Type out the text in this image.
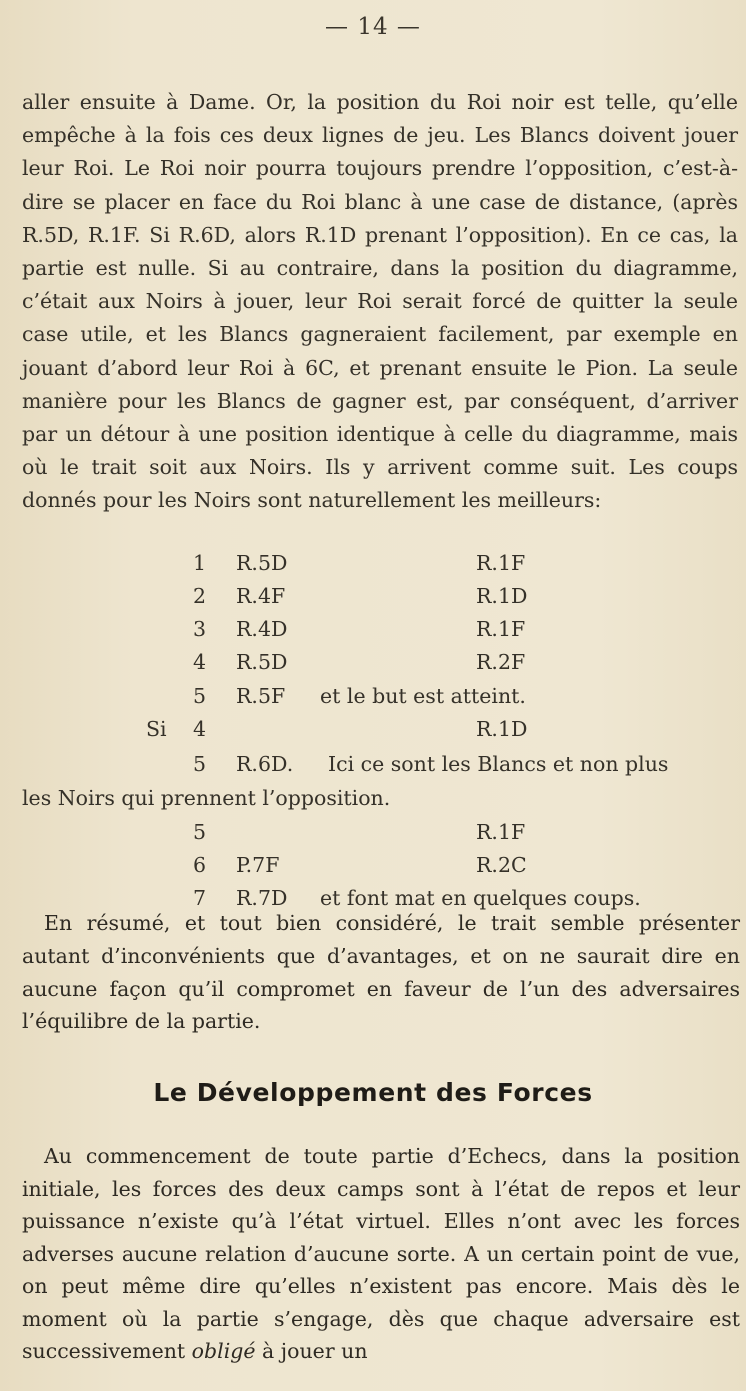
— 14 —

aller ensuite à Dame. Or, la position du Roi noir est telle, qu’elle empêche à la fois ces deux lignes de jeu. Les Blancs doivent jouer leur Roi. Le Roi noir pourra toujours prendre l’opposition, c’est-à-dire se placer en face du Roi blanc à une case de distance, (après R.5D, R.1F. Si R.6D, alors R.1D prenant l’opposition). En ce cas, la partie est nulle. Si au contraire, dans la position du diagramme, c’était aux Noirs à jouer, leur Roi serait forcé de quitter la seule case utile, et les Blancs gagneraient facilement, par exemple en jouant d’abord leur Roi à 6C, et prenant ensuite le Pion. La seule manière pour les Blancs de gagner est, par conséquent, d’arriver par un détour à une position identique à celle du diagramme, mais où le trait soit aux Noirs. Ils y arrivent comme suit. Les coups donnés pour les Noirs sont naturellement les meilleurs:

1 R.5D	R.1F
2 R.4F	R.1D
3 R.4D	R.1F
4 R.5D	R.2F
5 R.5F et le but est atteint.
Si 4	R.1D
5 R.6D. Ici ce sont les Blancs et non plus
les Noirs qui prennent l’opposition.
5	R.1F
6 P.7F	R.2C
7 R.7D et font mat en quelques coups.

En résumé, et tout bien considéré, le trait semble présenter autant d’inconvénients que d’avantages, et on ne saurait dire en aucune façon qu’il compromet en faveur de l’un des adversaires l’équilibre de la partie.

Le Développement des Forces

Au commencement de toute partie d’Echecs, dans la position initiale, les forces des deux camps sont à l’état de repos et leur puissance n’existe qu’à l’état virtuel. Elles n’ont avec les forces adverses aucune relation d’aucune sorte. A un certain point de vue, on peut même dire qu’elles n’existent pas encore. Mais dès le moment où la partie s’engage, dès que chaque adversaire est successivement obligé à jouer un
